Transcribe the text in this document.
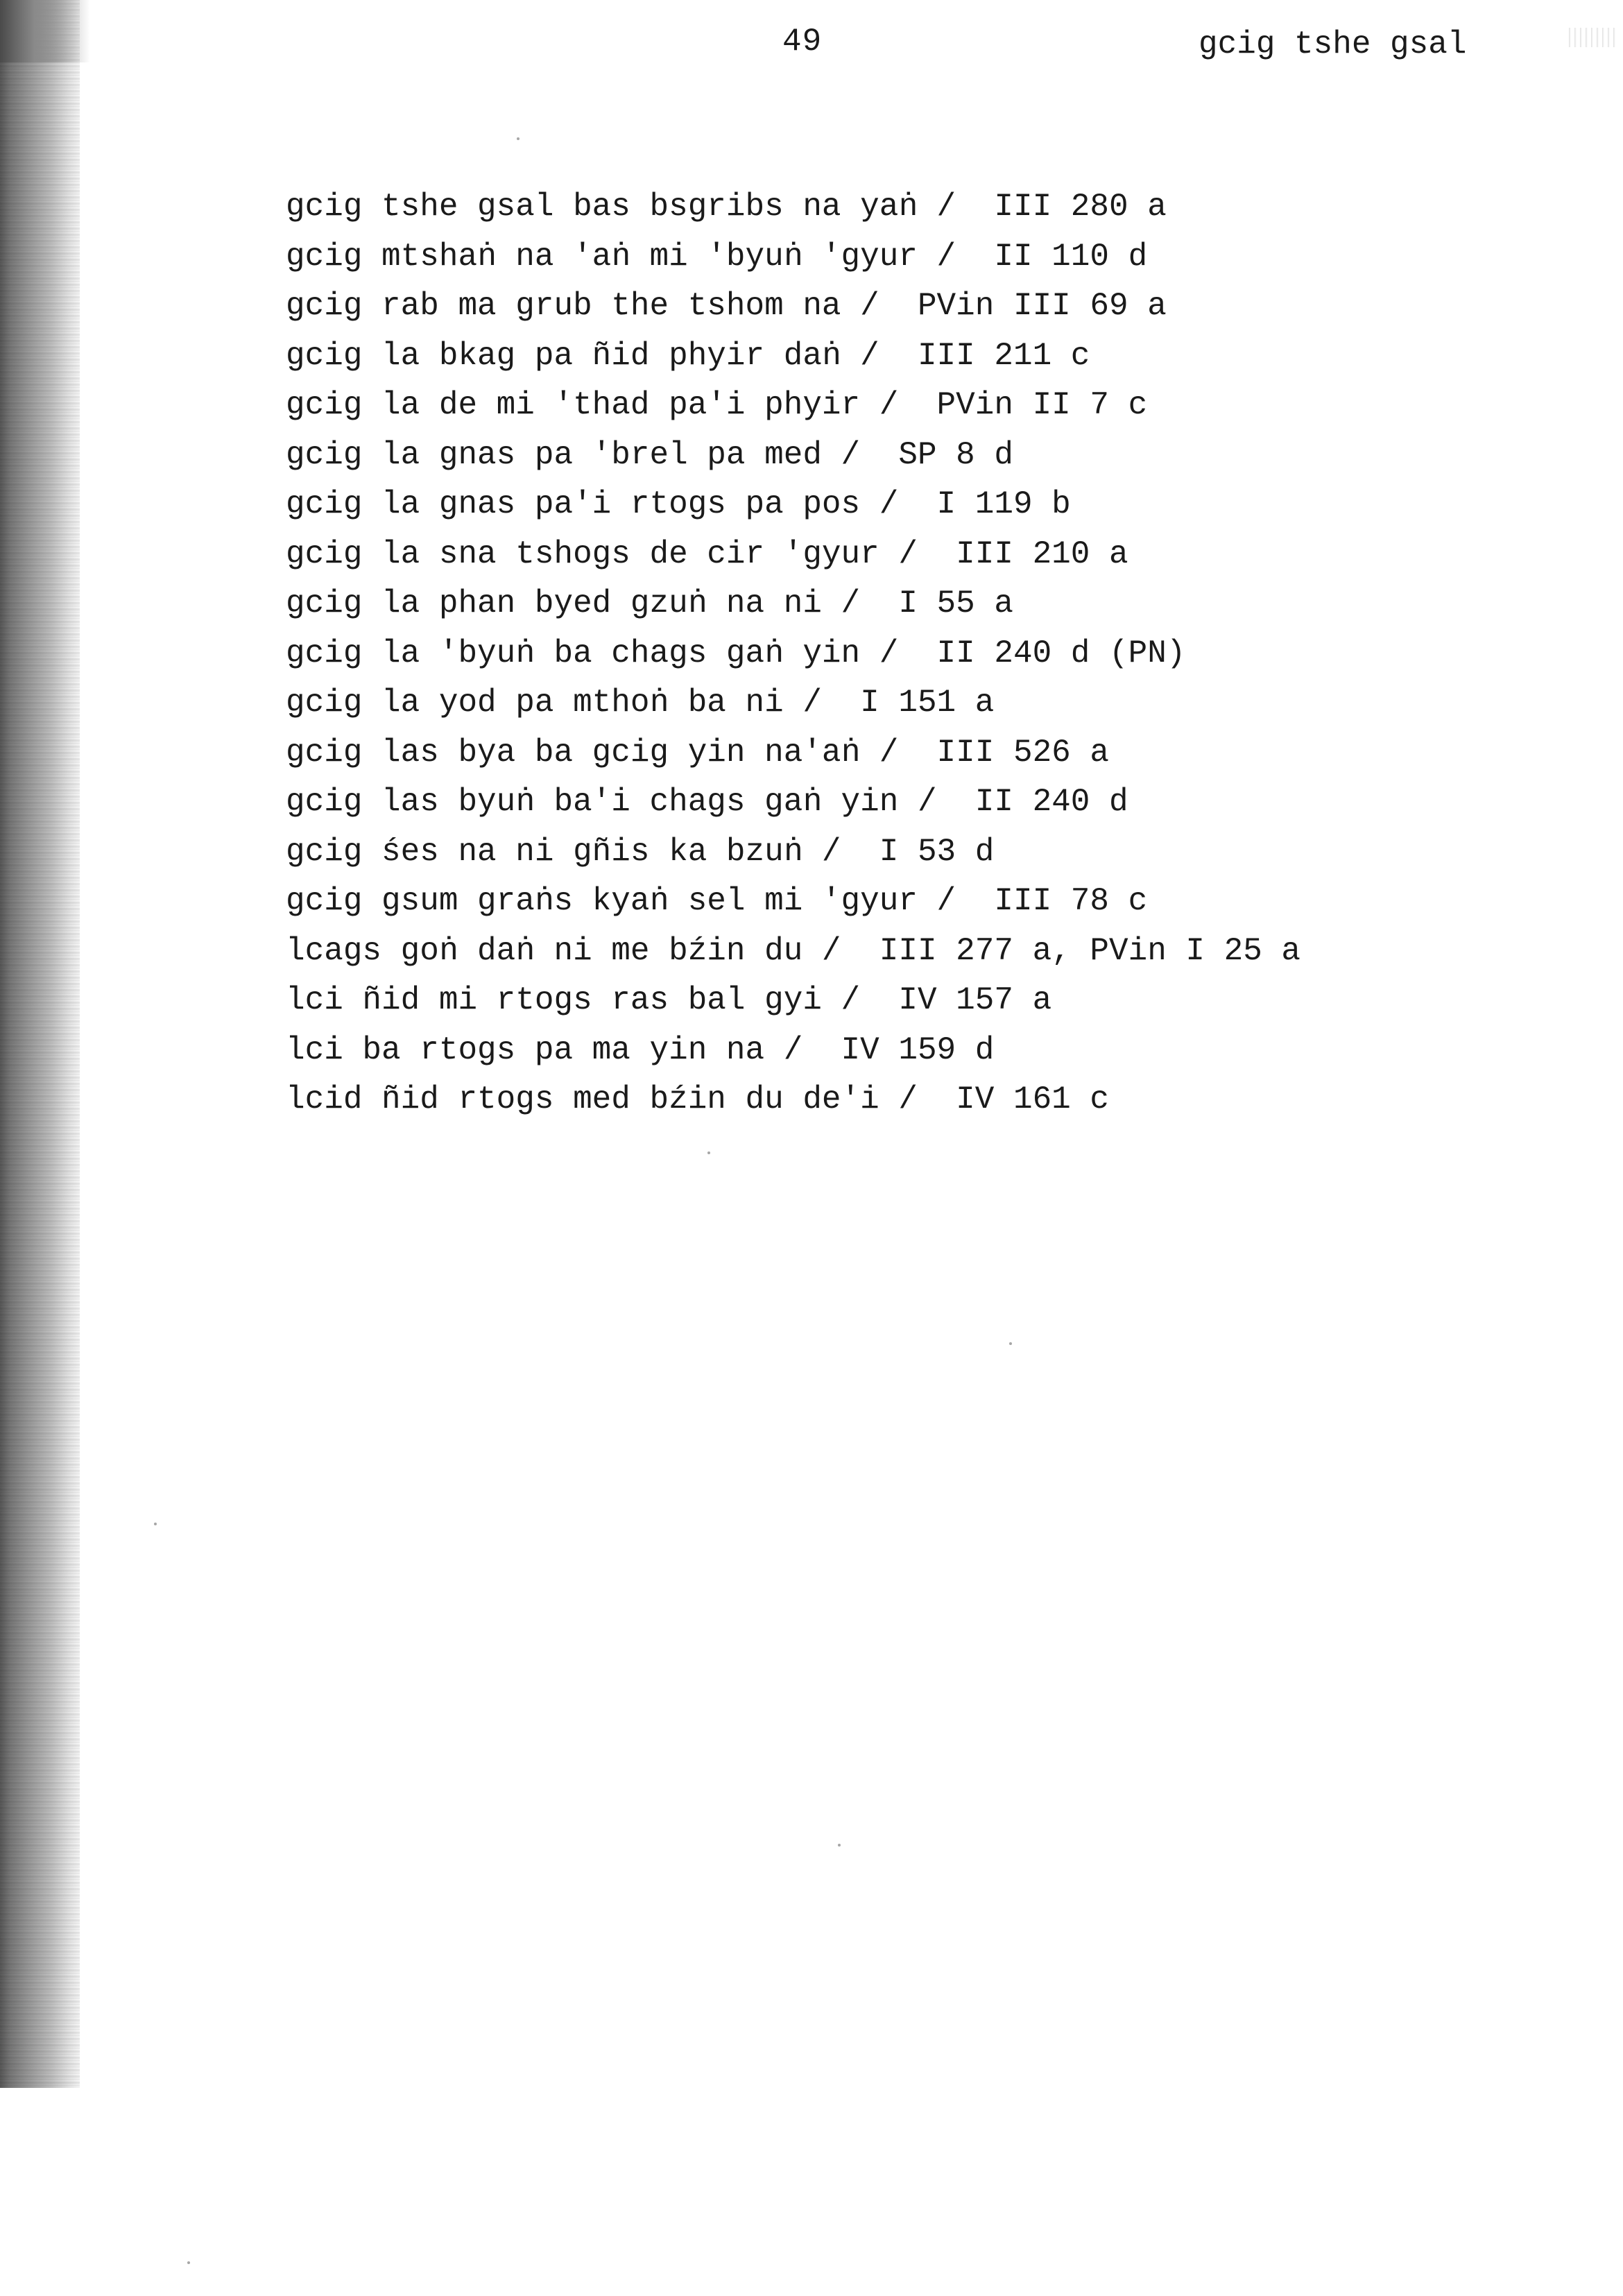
49	gcig tshe gsal
gcig tshe gsal bas bsgribs na yaṅ /  III 280 a
gcig mtshaṅ na 'aṅ mi 'byuṅ 'gyur /  II 110 d
gcig rab ma grub the tshom na /  PVin III 69 a
gcig la bkag pa ñid phyir daṅ /  III 211 c
gcig la de mi 'thad pa'i phyir /  PVin II 7 c
gcig la gnas pa 'brel pa med /  SP 8 d
gcig la gnas pa'i rtogs pa pos /  I 119 b
gcig la sna tshogs de cir 'gyur /  III 210 a
gcig la phan byed gzuṅ na ni /  I 55 a
gcig la 'byuṅ ba chags gaṅ yin /  II 240 d (PN)
gcig la yod pa mthoṅ ba ni /  I 151 a
gcig las bya ba gcig yin na'aṅ /  III 526 a
gcig las byuṅ ba'i chags gaṅ yin /  II 240 d
gcig śes na ni gñis ka bzuṅ /  I 53 d
gcig gsum graṅs kyaṅ sel mi 'gyur /  III 78 c
lcags goṅ daṅ ni me bźin du /  III 277 a, PVin I 25 a
lci ñid mi rtogs ras bal gyi /  IV 157 a
lci ba rtogs pa ma yin na /  IV 159 d
lcid ñid rtogs med bźin du de'i /  IV 161 c
